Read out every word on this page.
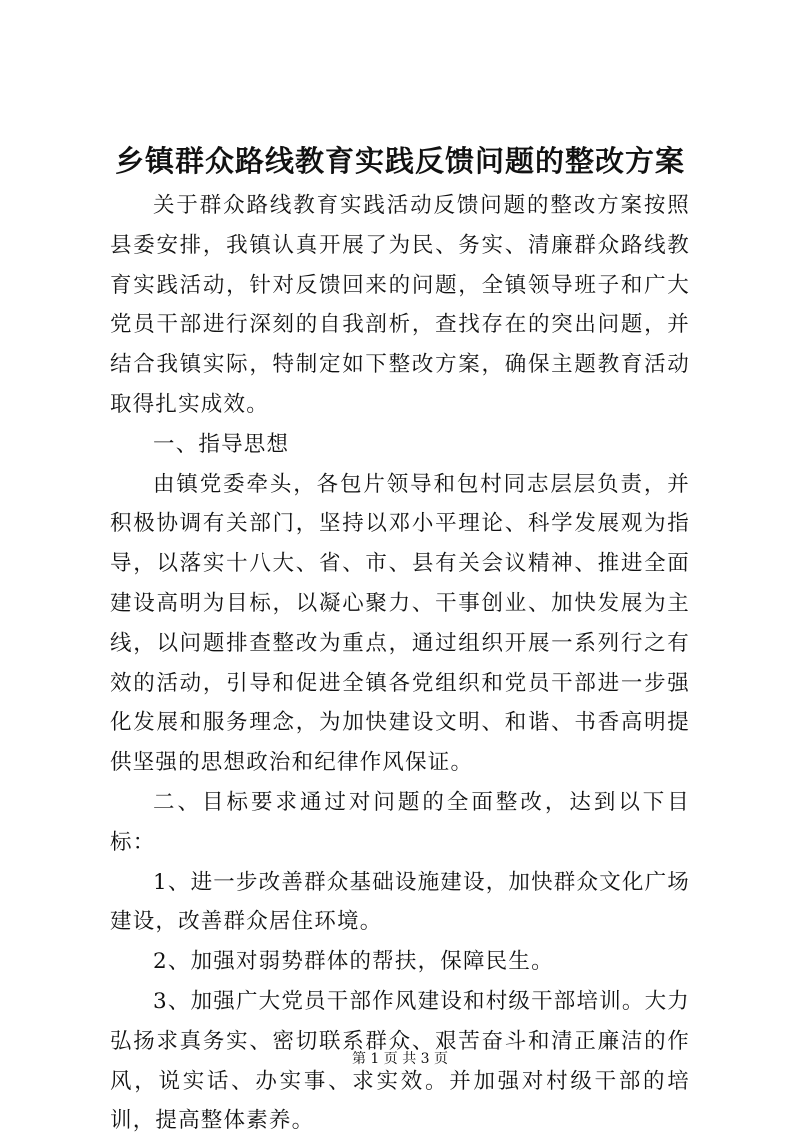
乡镇群众路线教育实践反馈问题的整改方案

关于群众路线教育实践活动反馈问题的整改方案按照县委安排，我镇认真开展了为民、务实、清廉群众路线教育实践活动，针对反馈回来的问题，全镇领导班子和广大党员干部进行深刻的自我剖析，查找存在的突出问题，并结合我镇实际，特制定如下整改方案，确保主题教育活动取得扎实成效。

一、指导思想

由镇党委牵头，各包片领导和包村同志层层负责，并积极协调有关部门，坚持以邓小平理论、科学发展观为指导，以落实十八大、省、市、县有关会议精神、推进全面建设高明为目标，以凝心聚力、干事创业、加快发展为主线，以问题排查整改为重点，通过组织开展一系列行之有效的活动，引导和促进全镇各党组织和党员干部进一步强化发展和服务理念，为加快建设文明、和谐、书香高明提供坚强的思想政治和纪律作风保证。

二、目标要求通过对问题的全面整改，达到以下目标：

1、进一步改善群众基础设施建设，加快群众文化广场建设，改善群众居住环境。

2、加强对弱势群体的帮扶，保障民生。

3、加强广大党员干部作风建设和村级干部培训。大力弘扬求真务实、密切联系群众、艰苦奋斗和清正廉洁的作风，说实话、办实事、求实效。并加强对村级干部的培训，提高整体素养。

第 1 页 共 3 页
